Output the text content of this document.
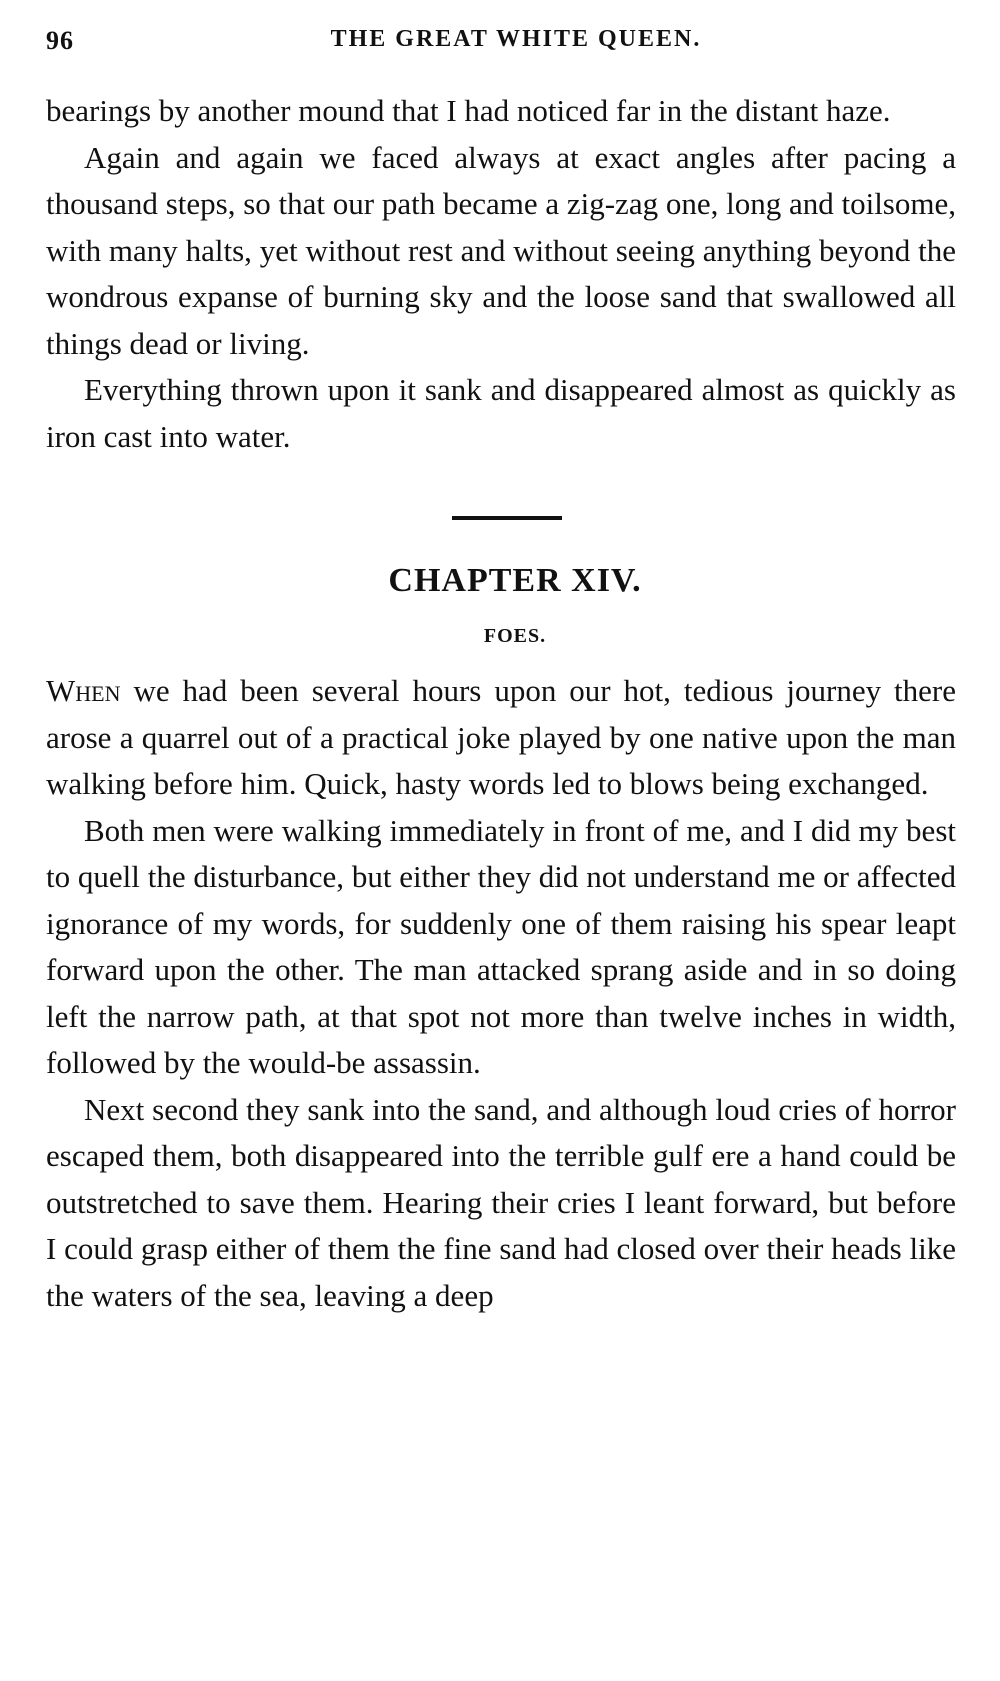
96	THE GREAT WHITE QUEEN.

bearings by another mound that I had noticed far in the distant haze.

Again and again we faced always at exact angles after pacing a thousand steps, so that our path became a zig-zag one, long and toilsome, with many halts, yet without rest and without seeing anything beyond the wondrous expanse of burning sky and the loose sand that swallowed all things dead or living.

Everything thrown upon it sank and disappeared almost as quickly as iron cast into water.

CHAPTER XIV.
FOES.

When we had been several hours upon our hot, tedious journey there arose a quarrel out of a practical joke played by one native upon the man walking before him. Quick, hasty words led to blows being exchanged.

Both men were walking immediately in front of me, and I did my best to quell the disturbance, but either they did not understand me or affected ignorance of my words, for suddenly one of them raising his spear leapt forward upon the other. The man attacked sprang aside and in so doing left the narrow path, at that spot not more than twelve inches in width, followed by the would-be assassin.

Next second they sank into the sand, and although loud cries of horror escaped them, both disappeared into the terrible gulf ere a hand could be outstretched to save them. Hearing their cries I leant forward, but before I could grasp either of them the fine sand had closed over their heads like the waters of the sea, leaving a deep
